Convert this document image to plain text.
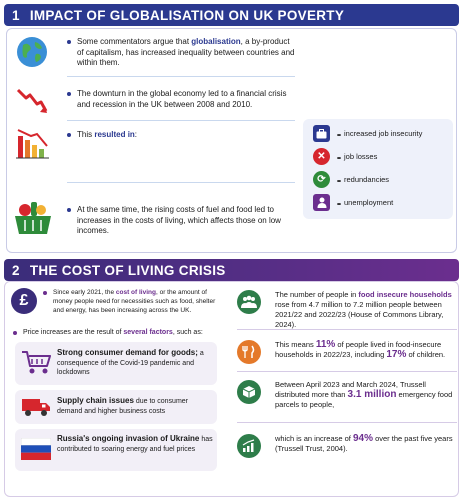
1 IMPACT OF GLOBALISATION ON UK POVERTY

Some commentators argue that globalisation, a by-product of capitalism, has increased inequality between countries and within them.

The downturn in the global economy led to a financial crisis and recession in the UK between 2008 and 2010.

This resulted in:	increased job insecurity
✕	job losses
⟳	redundancies
unemployment

At the same time, the rising costs of fuel and food led to increases in the costs of living, which affects those on low incomes.

2 THE COST OF LIVING CRISIS
£	Since early 2021, the cost of living, or the amount of money people need for necessities such as food, shelter and energy, has been increasing across the UK.

Price increases are the result of several factors, such as:

Strong consumer demand for goods; a consequence of the Covid-19 pandemic and lockdowns

Supply chain issues due to consumer demand and higher business costs

Russia's ongoing invasion of Ukraine has contributed to soaring energy and fuel prices

The number of people in food insecure households rose from 4.7 million to 7.2 million people between 2021/22 and 2022/23 (House of Commons Library, 2024).

This means 11% of people lived in food-insecure households in 2022/23, including 17% of children.

Between April 2023 and March 2024, Trussell distributed more than 3.1 million emergency food parcels to people,

which is an increase of 94% over the past five years (Trussell Trust, 2004).
